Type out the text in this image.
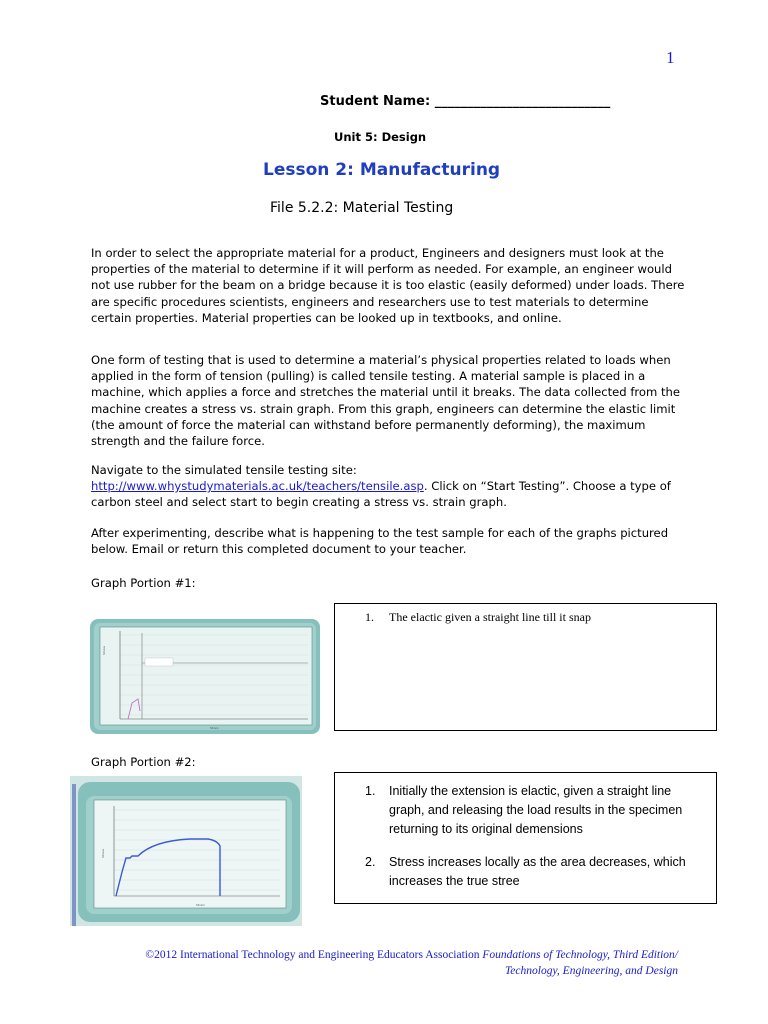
1
Student Name: ___________________________
Unit 5: Design
Lesson 2: Manufacturing
File 5.2.2: Material Testing
In order to select the appropriate material for a product, Engineers and designers must look at the properties of the material to determine if it will perform as needed. For example, an engineer would not use rubber for the beam on a bridge because it is too elastic (easily deformed) under loads. There are specific procedures scientists, engineers and researchers use to test materials to determine certain properties. Material properties can be looked up in textbooks, and online.
One form of testing that is used to determine a material’s physical properties related to loads when applied in the form of tension (pulling) is called tensile testing. A material sample is placed in a machine, which applies a force and stretches the material until it breaks. The data collected from the machine creates a stress vs. strain graph. From this graph, engineers can determine the elastic limit (the amount of force the material can withstand before permanently deforming), the maximum strength and the failure force.
Navigate to the simulated tensile testing site:
http://www.whystudymaterials.ac.uk/teachers/tensile.asp. Click on “Start Testing”. Choose a type of carbon steel and select start to begin creating a stress vs. strain graph.
After experimenting, describe what is happening to the test sample for each of the graphs pictured below. Email or return this completed document to your teacher.
Graph Portion #1:
Stress
Strain
1. The elactic given a straight line till it snap
Graph Portion #2:
Stress
Strain
1. Initially the extension is elactic, given a straight line graph, and releasing the load results in the specimen returning to its original demensions
2. Stress increases locally as the area decreases, which increases the true stree
©2012 International Technology and Engineering Educators Association Foundations of Technology, Third Edition/
Technology, Engineering, and Design
